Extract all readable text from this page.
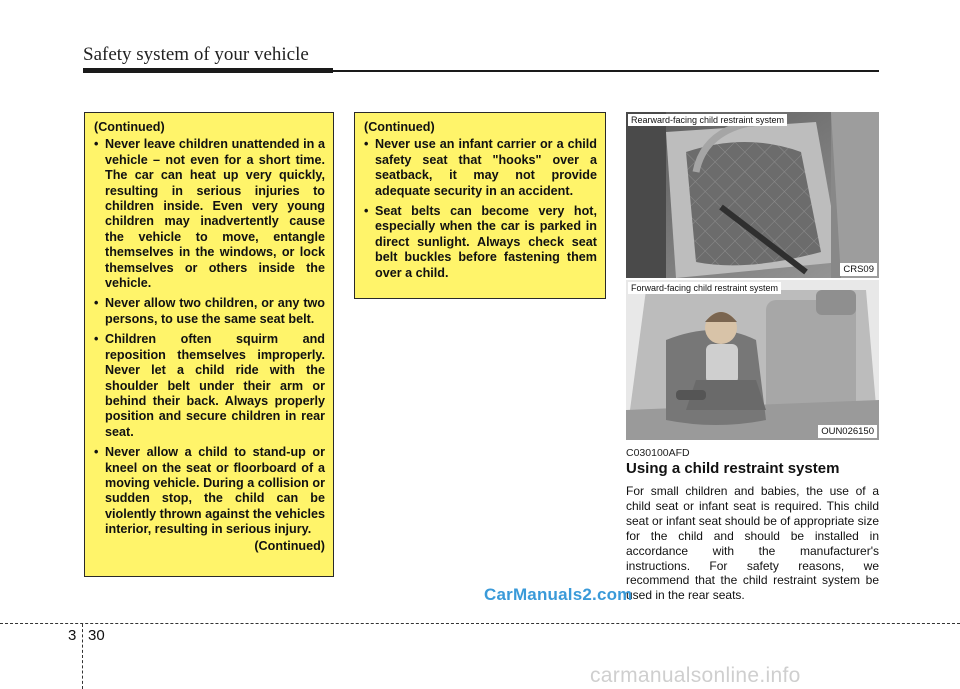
Safety system of your vehicle
(Continued)
• Never leave children unattended in a vehicle – not even for a short time. The car can heat up very quickly, resulting in serious injuries to children inside. Even very young children may inadvertently cause the vehicle to move, entangle themselves in the windows, or lock themselves or others inside the vehicle.
• Never allow two children, or any two persons, to use the same seat belt.
• Children often squirm and reposition themselves improperly. Never let a child ride with the shoulder belt under their arm or behind their back. Always properly position and secure children in rear seat.
• Never allow a child to stand-up or kneel on the seat or floorboard of a moving vehicle. During a collision or sudden stop, the child can be violently thrown against the vehicles interior, resulting in serious injury.
(Continued)
(Continued)
• Never use an infant carrier or a child safety seat that "hooks" over a seatback, it may not provide adequate security in an accident.
• Seat belts can become very hot, especially when the car is parked in direct sunlight. Always check seat belt buckles before fastening them over a child.
Rearward-facing child restraint system
CRS09
Forward-facing child restraint system
OUN026150
C030100AFD
Using a child restraint system
For small children and babies, the use of a child seat or infant seat is required. This child seat or infant seat should be of appropriate size for the child and should be installed in accordance with the manufacturer's instructions. For safety reasons, we recommend that the child restraint system be used in the rear seats.
CarManuals2.com
3 30
carmanualsonline.info
